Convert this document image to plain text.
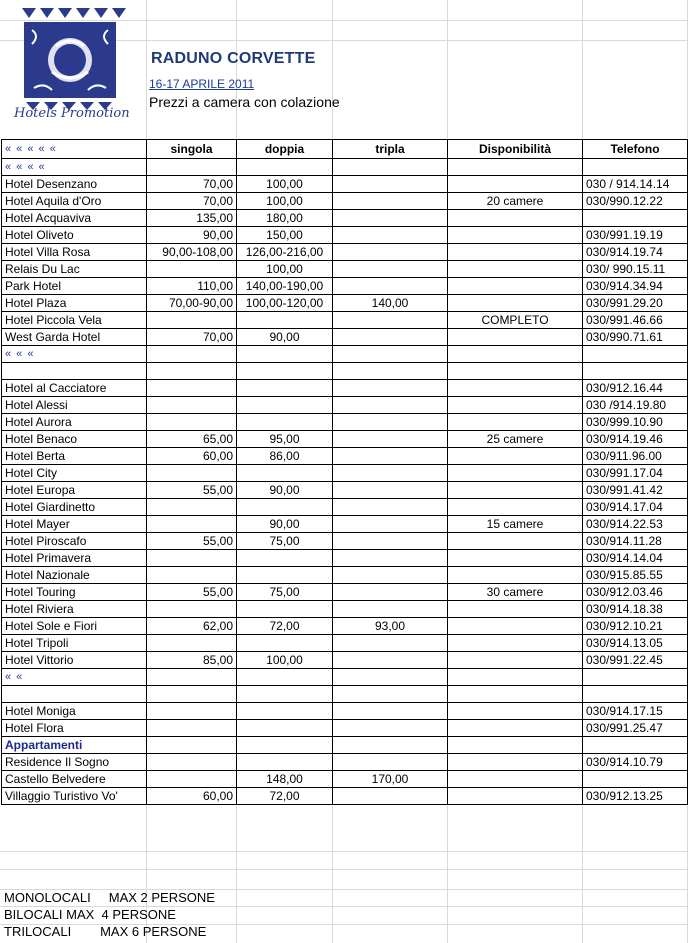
Hotels Promotion
RADUNO CORVETTE
16-17 APRILE 2011
Prezzi a camera con colazione
« « « « «	singola	doppia	tripla	Disponibilità	Telefono
« « « «					
Hotel Desenzano	70,00	100,00			030 / 914.14.14
Hotel Aquila d'Oro	70,00	100,00		20 camere	030/990.12.22
Hotel Acquaviva	135,00	180,00			
Hotel Oliveto	90,00	150,00			030/991.19.19
Hotel Villa Rosa	90,00-108,00	126,00-216,00			030/914.19.74
Relais Du Lac		100,00			030/ 990.15.11
Park Hotel	110,00	140,00-190,00			030/914.34.94
Hotel Plaza	70,00-90,00	100,00-120,00	140,00		030/991.29.20
Hotel Piccola Vela				COMPLETO	030/991.46.66
West Garda Hotel	70,00	90,00			030/990.71.61
« « «					

Hotel al Cacciatore					030/912.16.44
Hotel Alessi					030 /914.19.80
Hotel Aurora					030/999.10.90
Hotel Benaco	65,00	95,00		25 camere	030/914.19.46
Hotel Berta	60,00	86,00			030/911.96.00
Hotel City					030/991.17.04
Hotel Europa	55,00	90,00			030/991.41.42
Hotel Giardinetto					030/914.17.04
Hotel Mayer		90,00		15 camere	030/914.22.53
Hotel Piroscafo	55,00	75,00			030/914.11.28
Hotel Primavera					030/914.14.04
Hotel Nazionale					030/915.85.55
Hotel Touring	55,00	75,00		30 camere	030/912.03.46
Hotel Riviera					030/914.18.38
Hotel Sole e Fiori	62,00	72,00	93,00		030/912.10.21
Hotel Tripoli					030/914.13.05
Hotel Vittorio	85,00	100,00			030/991.22.45
« «					

Hotel Moniga					030/914.17.15
Hotel Flora					030/991.25.47
Appartamenti					
Residence Il Sogno					030/914.10.79
Castello Belvedere		148,00	170,00		
Villaggio Turistivo Vo'	60,00	72,00			030/912.13.25
MONOLOCALI     MAX 2 PERSONE
BILOCALI MAX  4 PERSONE
TRILOCALI        MAX 6 PERSONE
